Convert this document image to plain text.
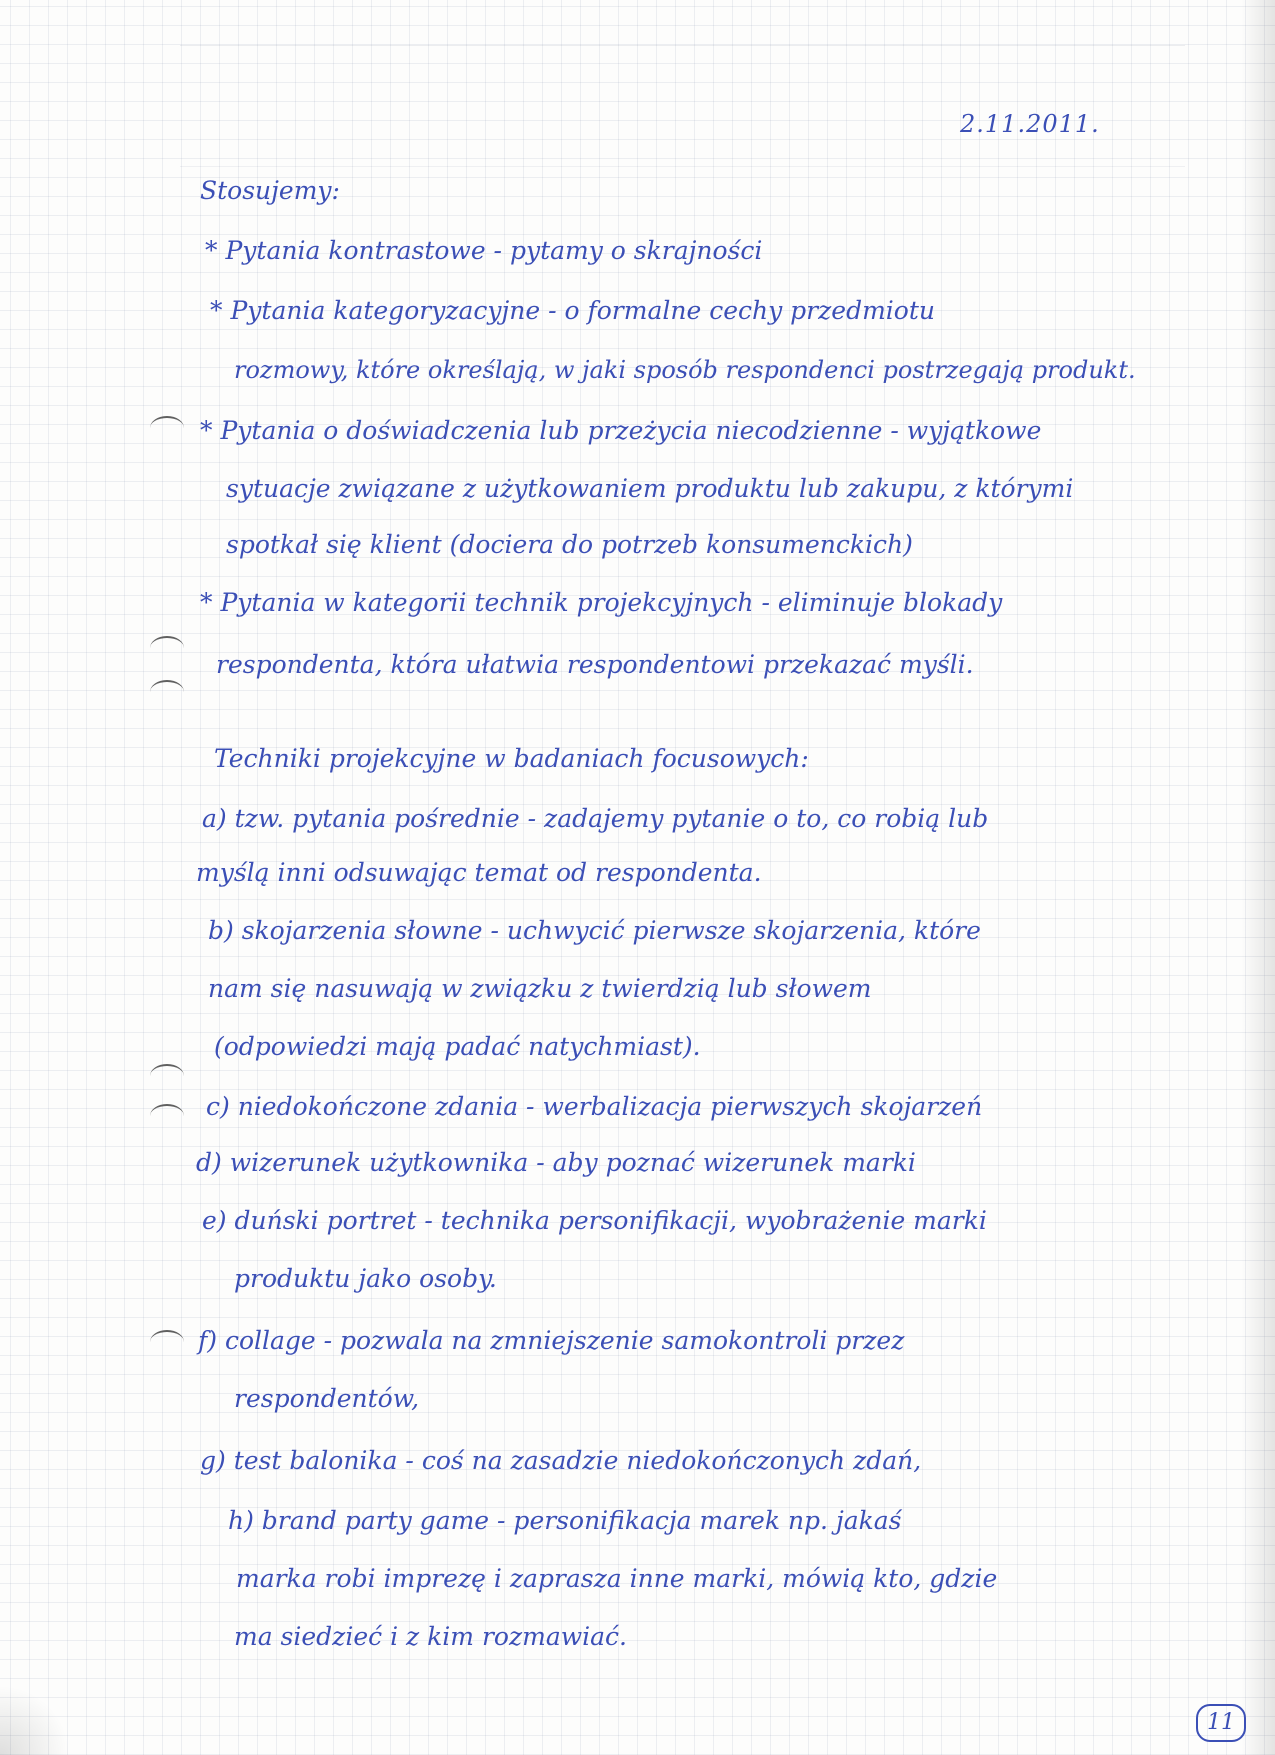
2.11.2011.
Stosujemy:
* Pytania kontrastowe - pytamy o skrajności
* Pytania kategoryzacyjne - o formalne cechy przedmiotu
rozmowy, które określają, w jaki sposób respondenci postrzegają produkt.
* Pytania o doświadczenia lub przeżycia niecodzienne - wyjątkowe
sytuacje związane z użytkowaniem produktu lub zakupu, z którymi
spotkał się klient (dociera do potrzeb konsumenckich)
* Pytania w kategorii technik projekcyjnych - eliminuje blokady
respondenta, która ułatwia respondentowi przekazać myśli.
Techniki projekcyjne w badaniach focusowych:
a) tzw. pytania pośrednie - zadajemy pytanie o to, co robią lub
myślą inni odsuwając temat od respondenta.
b) skojarzenia słowne - uchwycić pierwsze skojarzenia, które
nam się nasuwają w związku z twierdzią lub słowem
(odpowiedzi mają padać natychmiast).
c) niedokończone zdania - werbalizacja pierwszych skojarzeń
d) wizerunek użytkownika - aby poznać wizerunek marki
e) duński portret - technika personifikacji, wyobrażenie marki
produktu jako osoby.
f) collage - pozwala na zmniejszenie samokontroli przez
respondentów,
g) test balonika - coś na zasadzie niedokończonych zdań,
h) brand party game - personifikacja marek np. jakaś
marka robi imprezę i zaprasza inne marki, mówią kto, gdzie
ma siedzieć i z kim rozmawiać.
11
